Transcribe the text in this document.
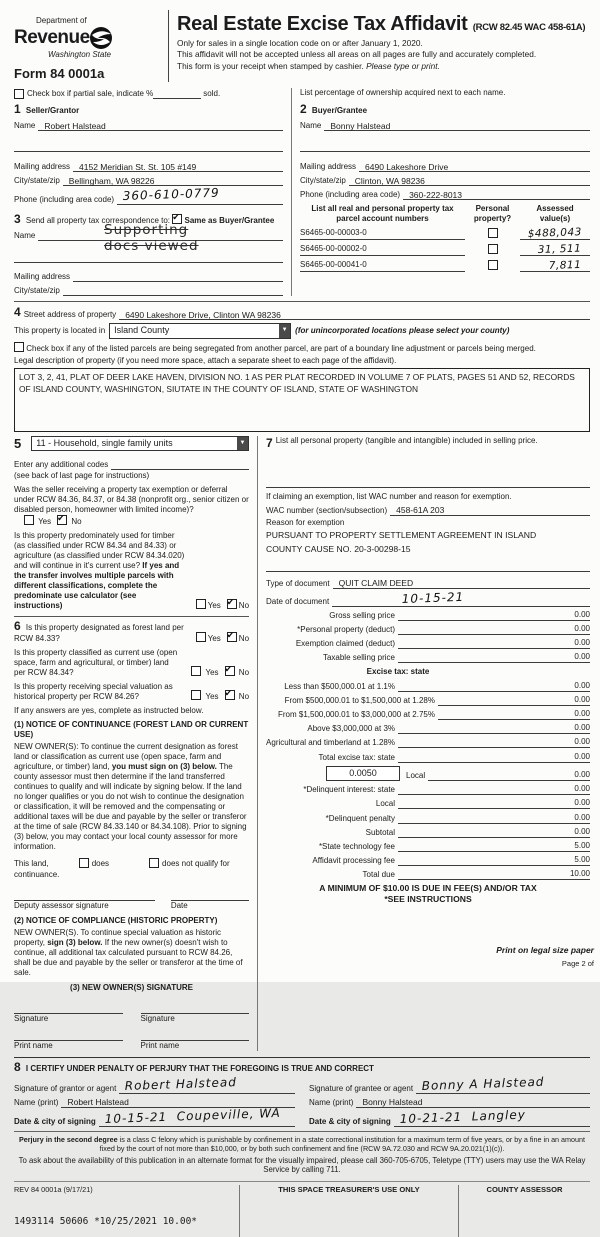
Department of
Revenue
Washington State
Form 84 0001a
Real Estate Excise Tax Affidavit (RCW 82.45 WAC 458-61A)
Only for sales in a single location code on or after January 1, 2020.
This affidavit will not be accepted unless all areas on all pages are fully and accurately completed.
This form is your receipt when stamped by cashier. Please type or print.
Check box if partial sale, indicate %	sold.	List percentage of ownership acquired next to each name.
1 Seller/Grantor
Name	Robert Halstead
Mailing address	4152 Meridian St. St. 105 #149
City/state/zip	Bellingham, WA 98226
Phone (including area code) 360-610-0779
3 Send all property tax correspondence to: ✔ Same as Buyer/Grantee
Name	Supporting
docs viewed
Mailing address
City/state/zip
2 Buyer/Grantee
Name	Bonny Halstead
Mailing address	6490 Lakeshore Drive
City/state/zip	Clinton, WA 98236
Phone (including area code)	360-222-8013
List all real and personal property tax parcel account numbers
Personal
property?
Assessed
value(s)
S6465-00-00003-0	$488,043
S6465-00-00002-0	31, 511
S6465-00-00041-0	7,811
4 Street address of property	6490 Lakeshore Drive, Clinton WA 98236
This property is located in	Island County	▼ (for unincorporated locations please select your county)
Check box if any of the listed parcels are being segregated from another parcel, are part of a boundary line adjustment or parcels being merged.
Legal description of property (if you need more space, attach a separate sheet to each page of the affidavit).
LOT 3, 2, 41, PLAT OF DEER LAKE HAVEN, DIVISION NO. 1 AS PER PLAT RECORDED IN VOLUME 7 OF PLATS, PAGES 51 AND 52, RECORDS OF ISLAND COUNTY, WASHINGTON, SIUTATE IN THE COUNTY OF ISLAND, STATE OF WASHINGTON
5	11 - Household, single family units	▼
Enter any additional codes
(see back of last page for instructions)
Was the seller receiving a property tax exemption or deferral under RCW 84.36, 84.37, or 84.38 (nonprofit org., senior citizen or disabled person, homeowner with limited income)?  Yes ✔	No
Is this property predominately used for timber (as classified under RCW 84.34 and 84.33) or agriculture (as classified under RCW 84.34.020) and will continue in it's current use? If yes and the transfer involves multiple parcels with different classifications, complete the predominate use calculator (see instructions)	Yes ✔ No
6 Is this property designated as forest land per RCW 84.33?	Yes ✔ No
Is this property classified as current use (open space, farm and agricultural, or timber) land per RCW 84.34?	Yes ✔	No
Is this property receiving special valuation as historical property per RCW 84.26?	Yes ✔	No
If any answers are yes, complete as instructed below.
(1) NOTICE OF CONTINUANCE (FOREST LAND OR CURRENT USE)
NEW OWNER(S): To continue the current designation as forest land or classification as current use (open space, farm and agriculture, or timber) land, you must sign on (3) below. The county assessor must then determine if the land transferred continues to qualify and will indicate by signing below. If the land no longer qualifies or you do not wish to continue the designation or classification, it will be removed and the compensating or additional taxes will be due and payable by the seller or transferor at the time of sale (RCW 84.33.140 or 84.34.108). Prior to signing (3) below, you may contact your local county assessor for more information.
This land,	does	does not qualify for
continuance.
Deputy assessor signature	Date
(2) NOTICE OF COMPLIANCE (HISTORIC PROPERTY)
NEW OWNER(S). To continue special valuation as historic property, sign (3) below. If the new owner(s) doesn't wish to continue, all additional tax calculated pursuant to RCW 84.26, shall be due and payable by the seller or transferor at the time of sale.
(3) NEW OWNER(S) SIGNATURE
Signature	Signature
Print name	Print name
7 List all personal property (tangible and intangible) included in selling price.
If claiming an exemption, list WAC number and reason for exemption.
WAC number (section/subsection)	458-61A 203
Reason for exemption
PURSUANT TO PROPERTY SETTLEMENT AGREEMENT IN ISLAND
COUNTY CAUSE NO. 20-3-00298-15
Type of document	QUIT CLAIM DEED
Date of document	10-15-21
Gross selling price	0.00
*Personal property (deduct)	0.00
Exemption claimed (deduct)	0.00
Taxable selling price	0.00
Excise tax: state
Less than $500,000.01 at 1.1%	0.00
From $500,000.01 to $1,500,000 at 1.28%	0.00
From $1,500,000.01 to $3,000,000 at 2.75%	0.00
Above $3,000,000 at 3%	0.00
Agricultural and timberland at 1.28%	0.00
Total excise tax: state	0.00
0.0050	Local	0.00
*Delinquent interest: state	0.00
Local	0.00
*Delinquent penalty	0.00
Subtotal	0.00
*State technology fee	5.00
Affidavit processing fee	5.00
Total due	10.00
A MINIMUM OF $10.00 IS DUE IN FEE(S) AND/OR TAX
*SEE INSTRUCTIONS
8 I CERTIFY UNDER PENALTY OF PERJURY THAT THE FOREGOING IS TRUE AND CORRECT
Signature of grantor or agent Robert Halstead
Name (print)	Robert Halstead
Date & city of signing 10-15-21 Coupeville, WA
Signature of grantee or agent Bonny A Halstead
Name (print)	Bonny Halstead
Date & city of signing 10-21-21 Langley
Perjury in the second degree is a class C felony which is punishable by confinement in a state correctional institution for a maximum term of five years, or by a fine in an amount fixed by the court of not more than $10,000, or by both such confinement and fine (RCW 9A.72.030 and RCW 9A.20.021(1)(c)).
To ask about the availability of this publication in an alternate format for the visually impaired, please call 360-705-6705, Teletype (TTY) users may use the WA Relay Service by calling 711.
REV 84 0001a (9/17/21)
1493114 50606 *10/25/2021 10.00*
THIS SPACE TREASURER'S USE ONLY	COUNTY ASSESSOR
Print on legal size paper
Page 2 of
